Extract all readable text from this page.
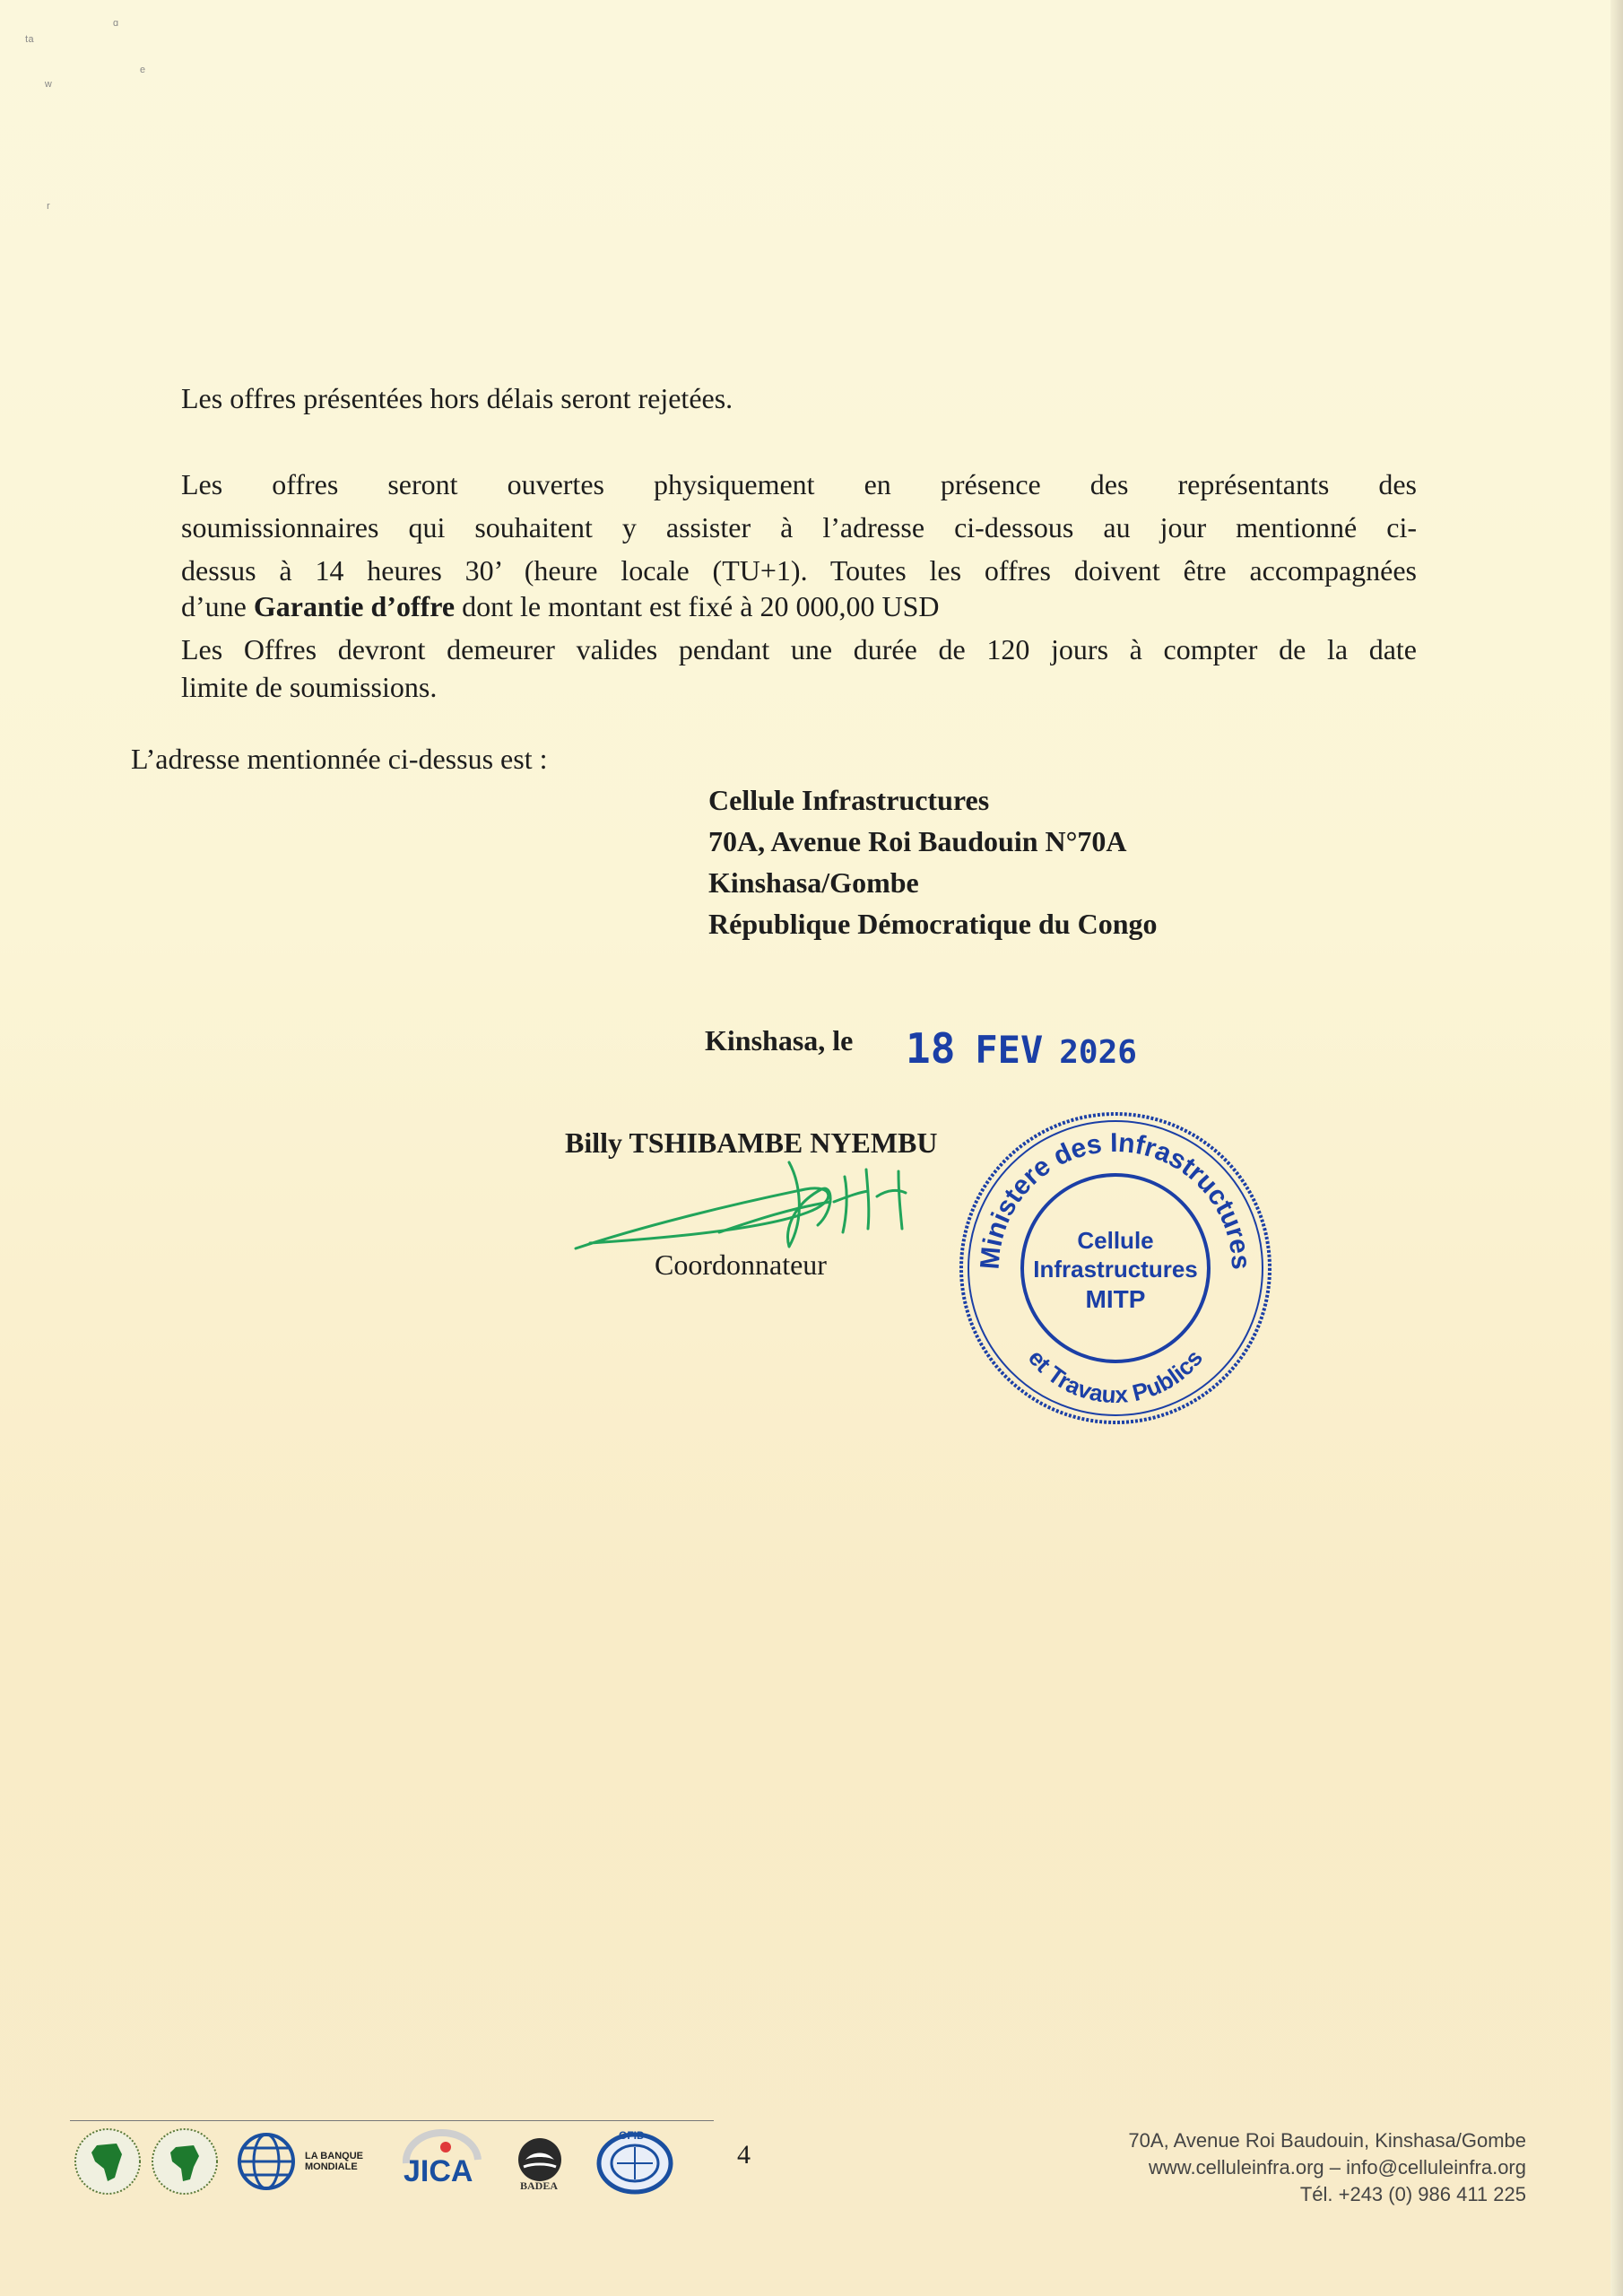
ᵗᵃ
ᵅ
ʷ
ᵉ
ʳ

Les offres présentées hors délais seront rejetées.

Les offres seront ouvertes physiquement en présence des représentants des

soumissionnaires qui souhaitent y assister à l’adresse ci-dessous au jour mentionné ci-

dessus à 14 heures 30’ (heure locale (TU+1). Toutes les offres doivent être accompagnées

d’une Garantie d’offre dont le montant est fixé à 20 000,00 USD

Les Offres devront demeurer valides pendant une durée de 120 jours à compter de la date

limite de soumissions.

L’adresse mentionnée ci-dessus est :

Cellule Infrastructures
70A, Avenue Roi Baudouin N°70A
Kinshasa/Gombe
République Démocratique du Congo
Kinshasa, le 18 FEV 2026
Billy TSHIBAMBE NYEMBU
Coordonnateur	Ministere des Infrastructures
et Travaux Publics
Cellule
Infrastructures
MITP
LA BANQUE
MONDIALE JICA	BADEA
OFID
4	70A, Avenue Roi Baudouin, Kinshasa/Gombe
www.celluleinfra.org – info@celluleinfra.org
Tél. +243 (0) 986 411 225
